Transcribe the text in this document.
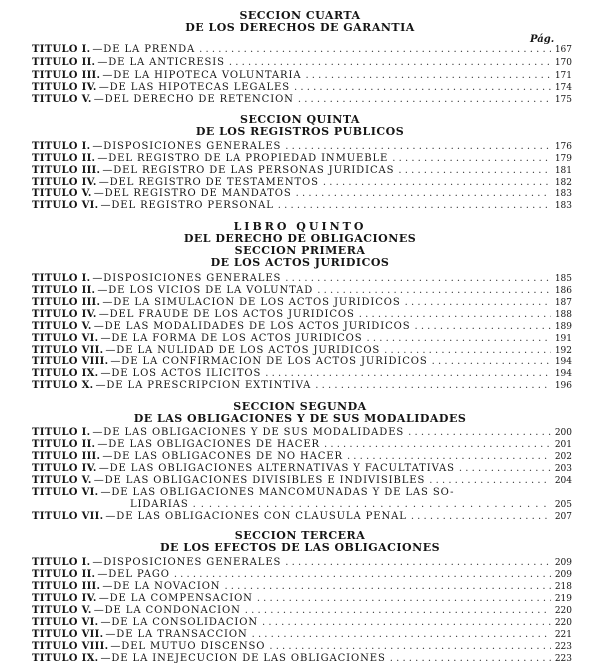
SECCION CUARTA
DE LOS DERECHOS DE GARANTIA
Pág.
TITULO I. —DE LA PRENDA . . .	167
TITULO II. —DE LA ANTICRESIS . . .	170
TITULO III. —DE LA HIPOTECA VOLUNTARIA . . .	171
TITULO IV. —DE LAS HIPOTECAS LEGALES . . .	174
TITULO V. —DEL DERECHO DE RETENCION . . .	175
SECCION QUINTA
DE LOS REGISTROS PUBLICOS
TITULO I. —DISPOSICIONES GENERALES . . .	176
TITULO II. —DEL REGISTRO DE LA PROPIEDAD INMUEBLE . . .	179
TITULO III. —DEL REGISTRO DE LAS PERSONAS JURIDICAS . . .	181
TITULO IV. —DEL REGISTRO DE TESTAMENTOS . . .	182
TITULO V. —DEL REGISTRO DE MANDATOS . . .	183
TITULO VI. —DEL REGISTRO PERSONAL . . .	183
LIBRO QUINTO
DEL DERECHO DE OBLIGACIONES
SECCION PRIMERA
DE LOS ACTOS JURIDICOS
TITULO I. —DISPOSICIONES GENERALES . . .	185
TITULO II. —DE LOS VICIOS DE LA VOLUNTAD . . .	186
TITULO III. —DE LA SIMULACION DE LOS ACTOS JURIDICOS . . .	187
TITULO IV. —DEL FRAUDE DE LOS ACTOS JURIDICOS . . .	188
TITULO V. —DE LAS MODALIDADES DE LOS ACTOS JURIDICOS . . .	189
TITULO VI. —DE LA FORMA DE LOS ACTOS JURIDICOS . . .	191
TITULO VII. —DE LA NULIDAD DE LOS ACTOS JURIDICOS . . .	192
TITULO VIII. —DE LA CONFIRMACION DE LOS ACTOS JURIDICOS . . .	194
TITULO IX. —DE LOS ACTOS ILICITOS . . .	194
TITULO X. —DE LA PRESCRIPCION EXTINTIVA . . .	196
SECCION SEGUNDA
DE LAS OBLIGACIONES Y DE SUS MODALIDADES
TITULO I. —DE LAS OBLIGACIONES Y DE SUS MODALIDADES . . .	200
TITULO II. —DE LAS OBLIGACIONES DE HACER . . .	201
TITULO III. —DE LAS OBLIGACONES DE NO HACER . . .	202
TITULO IV. —DE LAS OBLIGACIONES ALTERNATIVAS Y FACULTATIVAS . . .	203
TITULO V. —DE LAS OBLIGACIONES DIVISIBLES E INDIVISIBLES . . .	204
TITULO VI. —DE LAS OBLIGACIONES MANCOMUNADAS Y DE LAS SO-
LIDARIAS . . .	205
TITULO VII. —DE LAS OBLIGACIONES CON CLAUSULA PENAL . . .	207
SECCION TERCERA
DE LOS EFECTOS DE LAS OBLIGACIONES
TITULO I. —DISPOSICIONES GENERALES . . .	209
TITULO II. —DEL PAGO . . .	209
TITULO III. —DE LA NOVACION . . .	218
TITULO IV. —DE LA COMPENSACION . . .	219
TITULO V. —DE LA CONDONACION . . .	220
TITULO VI. —DE LA CONSOLIDACION . . .	220
TITULO VII. —DE LA TRANSACCION . . .	221
TITULO VIII. —DEL MUTUO DISCENSO . . .	223
TITULO IX. —DE LA INEJECUCION DE LAS OBLIGACIONES . . .	223
